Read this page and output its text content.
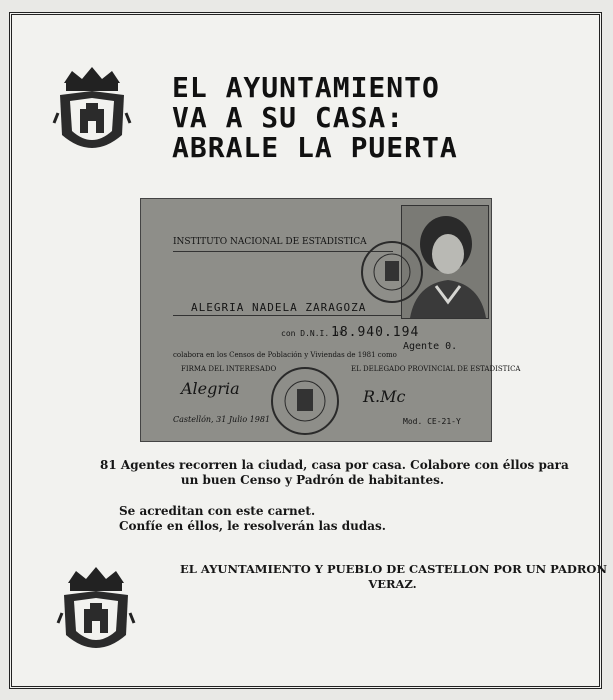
EL AYUNTAMIENTO
VA A SU CASA:
ABRALE LA PUERTA
INSTITUTO NACIONAL DE ESTADISTICA
ALEGRIA NADELA ZARAGOZA
con D.N.I. nº
18.940.194
Agente 0.
colabora en los Censos de Población y Viviendas de 1981 como
FIRMA DEL INTERESADO	EL DELEGADO PROVINCIAL DE ESTADISTICA
Alegria	R.Mc
Castellón, 31 Julio 1981	Mod. CE-21-Y
81 Agentes recorren la ciudad, casa por casa. Colabore con éllos para
un buen Censo y Padrón de habitantes.
Se acreditan con este carnet.
Confíe en éllos, le resolverán las dudas.
EL AYUNTAMIENTO Y PUEBLO DE CASTELLON POR UN PADRON
VERAZ.
